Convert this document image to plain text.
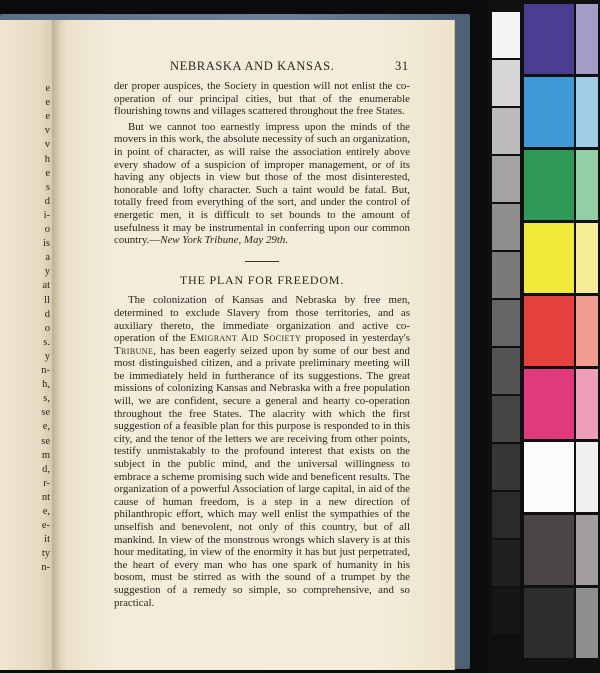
e
e
e
v
v
h
e
s
d
i-
o
is
a
y
at
ll
d
o
s.
y
n-
h,
s,
se
e,
se
m
d,
r-
nt
e,
e-
it
ty
n-
NEBRASKA AND KANSAS.	31

der proper auspices, the Society in question will not enlist the co-operation of our principal cities, but that of the enumerable flourishing towns and villages scattered throughout the free States.

But we cannot too earnestly impress upon the minds of the movers in this work, the absolute necessity of such an organization, in point of character, as will raise the association entirely above every shadow of a suspicion of improper management, or of its having any objects in view but those of the most disinterested, honorable and lofty character. Such a taint would be fatal. But, totally freed from everything of the sort, and under the control of energetic men, it is difficult to set bounds to the amount of usefulness it may be instrumental in conferring upon our common country.—New York Tribune, May 29th.

THE PLAN FOR FREEDOM.

The colonization of Kansas and Nebraska by free men, determined to exclude Slavery from those territories, and as auxiliary thereto, the immediate organization and active co-operation of the Emigrant Aid Society proposed in yesterday's Tribune, has been eagerly seized upon by some of our best and most distinguished citizen, and a private preliminary meeting will be immediately held in furtherance of its suggestions. The great missions of colonizing Kansas and Nebraska with a free population will, we are confident, secure a general and hearty co-operation throughout the free States. The alacrity with which the first suggestion of a feasible plan for this purpose is responded to in this city, and the tenor of the letters we are receiving from other points, testify unmistakably to the profound interest that exists on the subject in the public mind, and the universal willingness to embrace a scheme promising such wide and beneficent results. The organization of a powerful Association of large capital, in aid of the cause of human freedom, is a step in a new direction of philanthropic effort, which may well enlist the sympathies of the unselfish and benevolent, not only of this country, but of all mankind. In view of the monstrous wrongs which slavery is at this hour meditating, in view of the enormity it has but just perpetrated, the heart of every man who has one spark of humanity in his bosom, must be stirred as with the sound of a trumpet by the suggestion of a remedy so simple, so comprehensive, and so practical.
